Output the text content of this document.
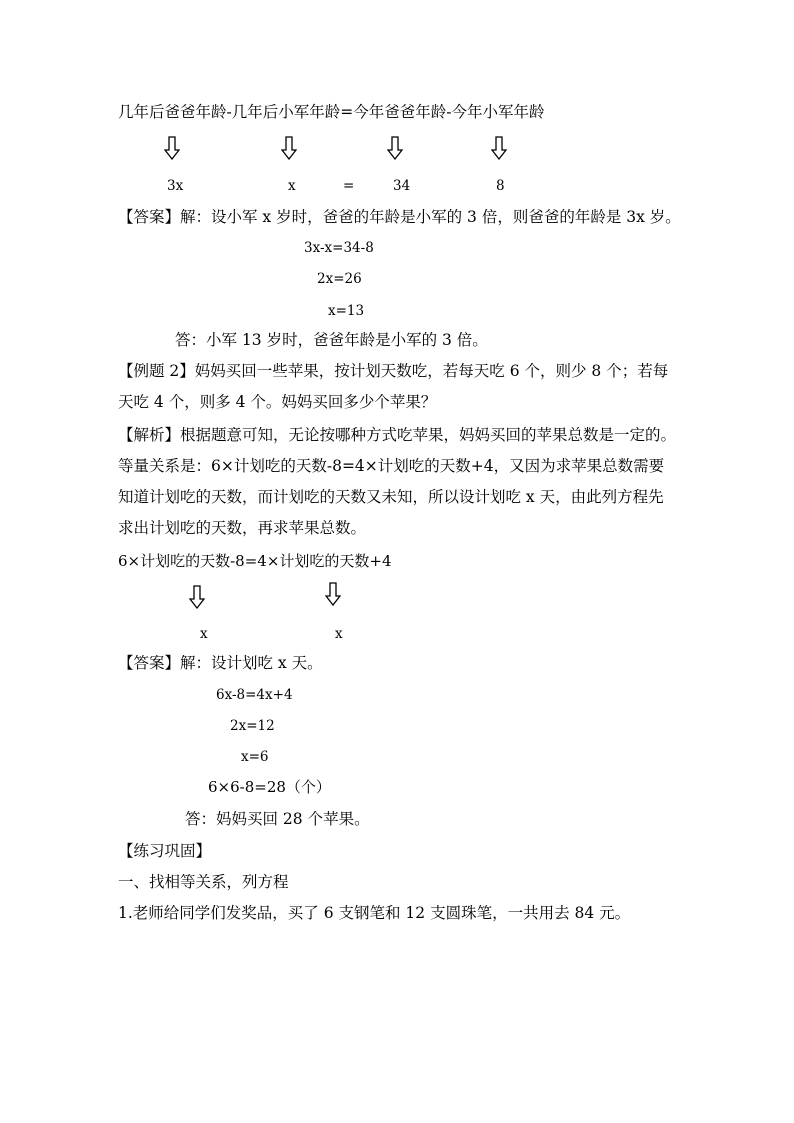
几年后爸爸年龄-几年后小军年龄=今年爸爸年龄-今年小军年龄
3x	x	=	34	8
【答案】解：设小军 x 岁时，爸爸的年龄是小军的 3 倍，则爸爸的年龄是 3x 岁。
3x-x=34-8
2x=26
x=13
答：小军 13 岁时，爸爸年龄是小军的 3 倍。
【例题 2】妈妈买回一些苹果，按计划天数吃，若每天吃 6 个，则少 8 个；若每
天吃 4 个，则多 4 个。妈妈买回多少个苹果？
【解析】根据题意可知，无论按哪种方式吃苹果，妈妈买回的苹果总数是一定的。
等量关系是：6×计划吃的天数-8=4×计划吃的天数+4，又因为求苹果总数需要
知道计划吃的天数，而计划吃的天数又未知，所以设计划吃 x 天，由此列方程先
求出计划吃的天数，再求苹果总数。
6×计划吃的天数-8=4×计划吃的天数+4
x	x
【答案】解：设计划吃 x 天。
6x-8=4x+4
2x=12
x=6
6×6-8=28（个）
答：妈妈买回 28 个苹果。
【练习巩固】
一、找相等关系，列方程
1.老师给同学们发奖品，买了 6 支钢笔和 12 支圆珠笔，一共用去 84 元。
